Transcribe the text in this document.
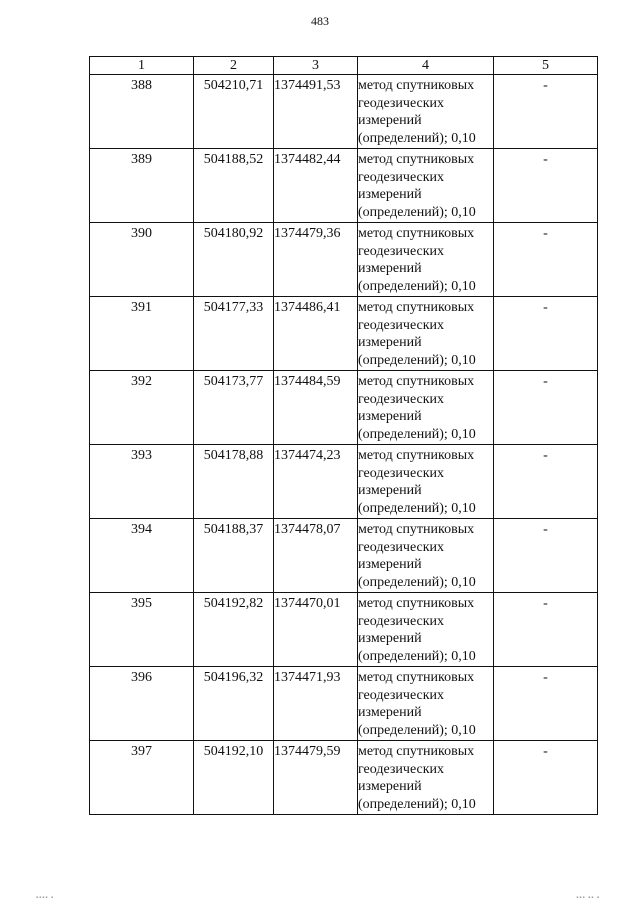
483
1	2	3	4	5
388	504210,71	1374491,53	метод спутниковых
геодезических
измерений
(определений); 0,10	-
389	504188,52	1374482,44	метод спутниковых
геодезических
измерений
(определений); 0,10	-
390	504180,92	1374479,36	метод спутниковых
геодезических
измерений
(определений); 0,10	-
391	504177,33	1374486,41	метод спутниковых
геодезических
измерений
(определений); 0,10	-
392	504173,77	1374484,59	метод спутниковых
геодезических
измерений
(определений); 0,10	-
393	504178,88	1374474,23	метод спутниковых
геодезических
измерений
(определений); 0,10	-
394	504188,37	1374478,07	метод спутниковых
геодезических
измерений
(определений); 0,10	-
395	504192,82	1374470,01	метод спутниковых
геодезических
измерений
(определений); 0,10	-
396	504196,32	1374471,93	метод спутниковых
геодезических
измерений
(определений); 0,10	-
397	504192,10	1374479,59	метод спутниковых
геодезических
измерений
(определений); 0,10	-
▪▪▪▪ ▪	▪▪▪ ▪▪ ▪
